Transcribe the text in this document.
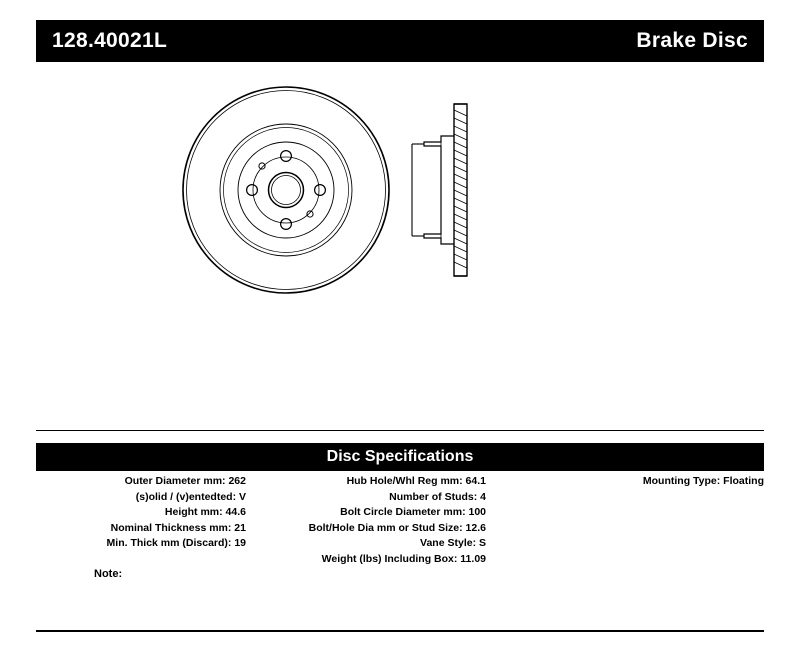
128.40021L	Brake Disc
Disc Specifications
Outer Diameter mm: 262
(s)olid / (v)entedted: V
Height mm: 44.6
Nominal Thickness mm: 21
Min. Thick mm (Discard): 19
Hub Hole/Whl Reg mm: 64.1
Number of Studs: 4
Bolt Circle Diameter mm: 100
Bolt/Hole Dia mm or Stud Size: 12.6
Vane Style: S
Weight (lbs) Including Box: 11.09
Mounting Type: Floating
Note:
